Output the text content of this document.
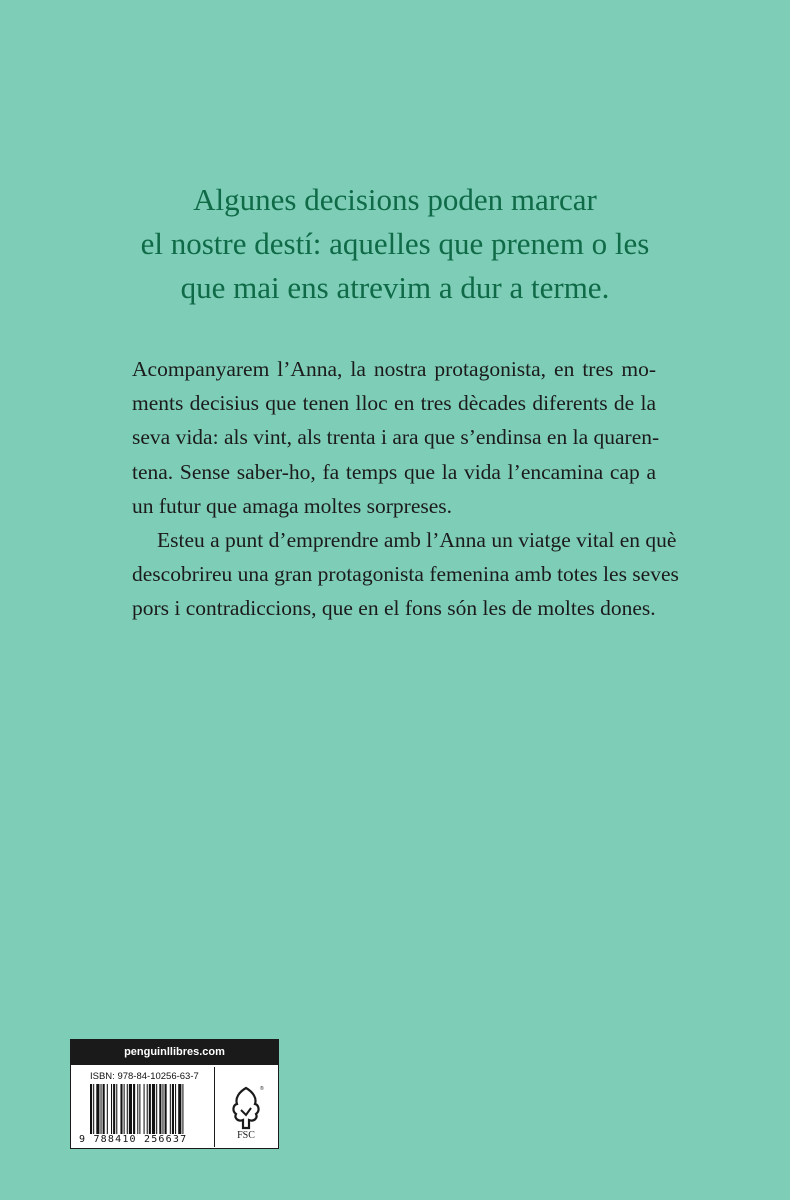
Algunes decisions poden marcar
el nostre destí: aquelles que prenem o les
que mai ens atrevim a dur a terme.
Acompanyarem l’Anna, la nostra protagonista, en tres mo-
ments decisius que tenen lloc en tres dècades diferents de la
seva vida: als vint, als trenta i ara que s’endinsa en la quaren-
tena. Sense saber-ho, fa temps que la vida l’encamina cap a
un futur que amaga moltes sorpreses.
Esteu a punt d’emprendre amb l’Anna un viatge vital en què
descobrireu una gran protagonista femenina amb totes les seves
pors i contradiccions, que en el fons són les de moltes dones.
penguinllibres.com
ISBN: 978-84-10256-63-7
9 788410 256637	FSC
®
